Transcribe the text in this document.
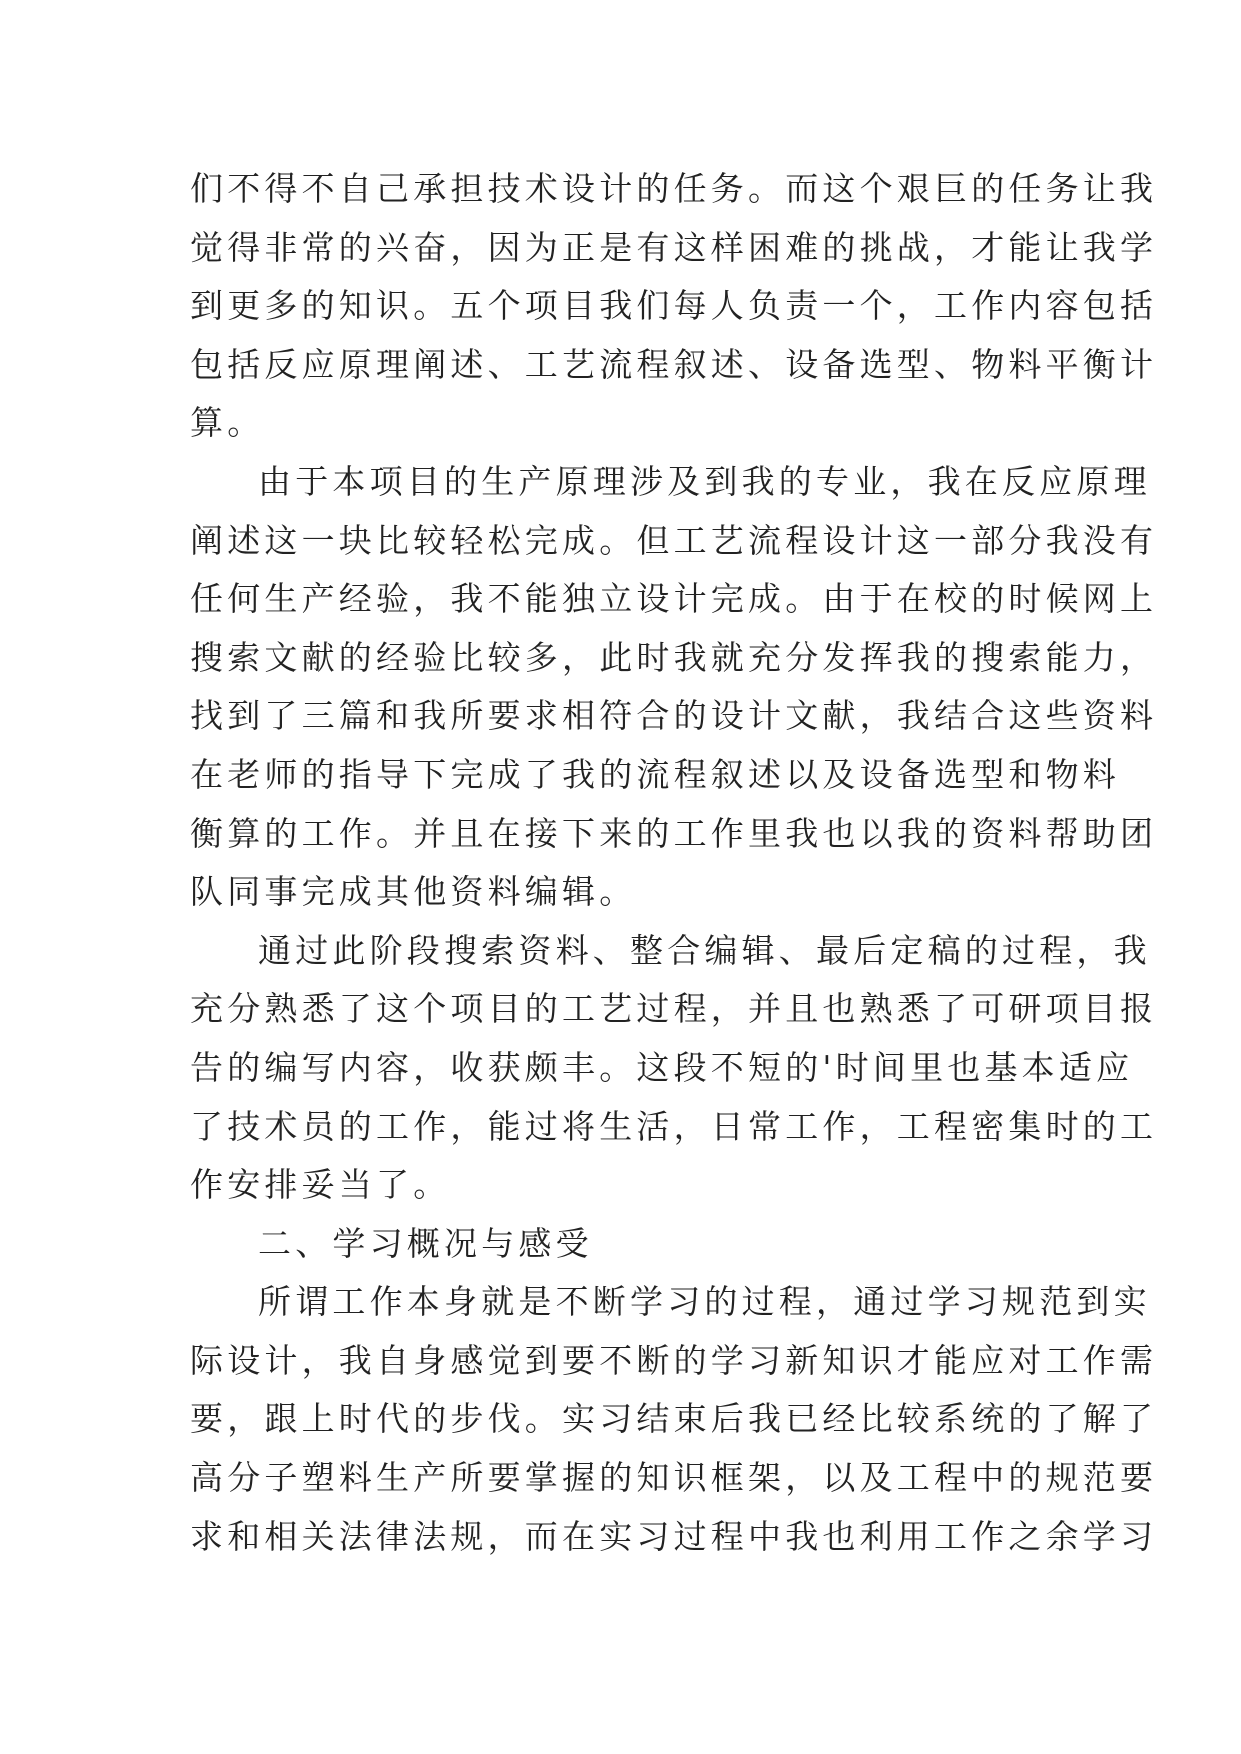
们不得不自己承担技术设计的任务。而这个艰巨的任务让我
觉得非常的兴奋，因为正是有这样困难的挑战，才能让我学
到更多的知识。五个项目我们每人负责一个，工作内容包括
包括反应原理阐述、工艺流程叙述、设备选型、物料平衡计
算。
由于本项目的生产原理涉及到我的专业，我在反应原理
阐述这一块比较轻松完成。但工艺流程设计这一部分我没有
任何生产经验，我不能独立设计完成。由于在校的时候网上
搜索文献的经验比较多，此时我就充分发挥我的搜索能力，
找到了三篇和我所要求相符合的设计文献，我结合这些资料
在老师的指导下完成了我的流程叙述以及设备选型和物料
衡算的工作。并且在接下来的工作里我也以我的资料帮助团
队同事完成其他资料编辑。
通过此阶段搜索资料、整合编辑、最后定稿的过程，我
充分熟悉了这个项目的工艺过程，并且也熟悉了可研项目报
告的编写内容，收获颇丰。这段不短的'时间里也基本适应
了技术员的工作，能过将生活，日常工作，工程密集时的工
作安排妥当了。
二、学习概况与感受
所谓工作本身就是不断学习的过程，通过学习规范到实
际设计，我自身感觉到要不断的学习新知识才能应对工作需
要，跟上时代的步伐。实习结束后我已经比较系统的了解了
高分子塑料生产所要掌握的知识框架，以及工程中的规范要
求和相关法律法规，而在实习过程中我也利用工作之余学习
